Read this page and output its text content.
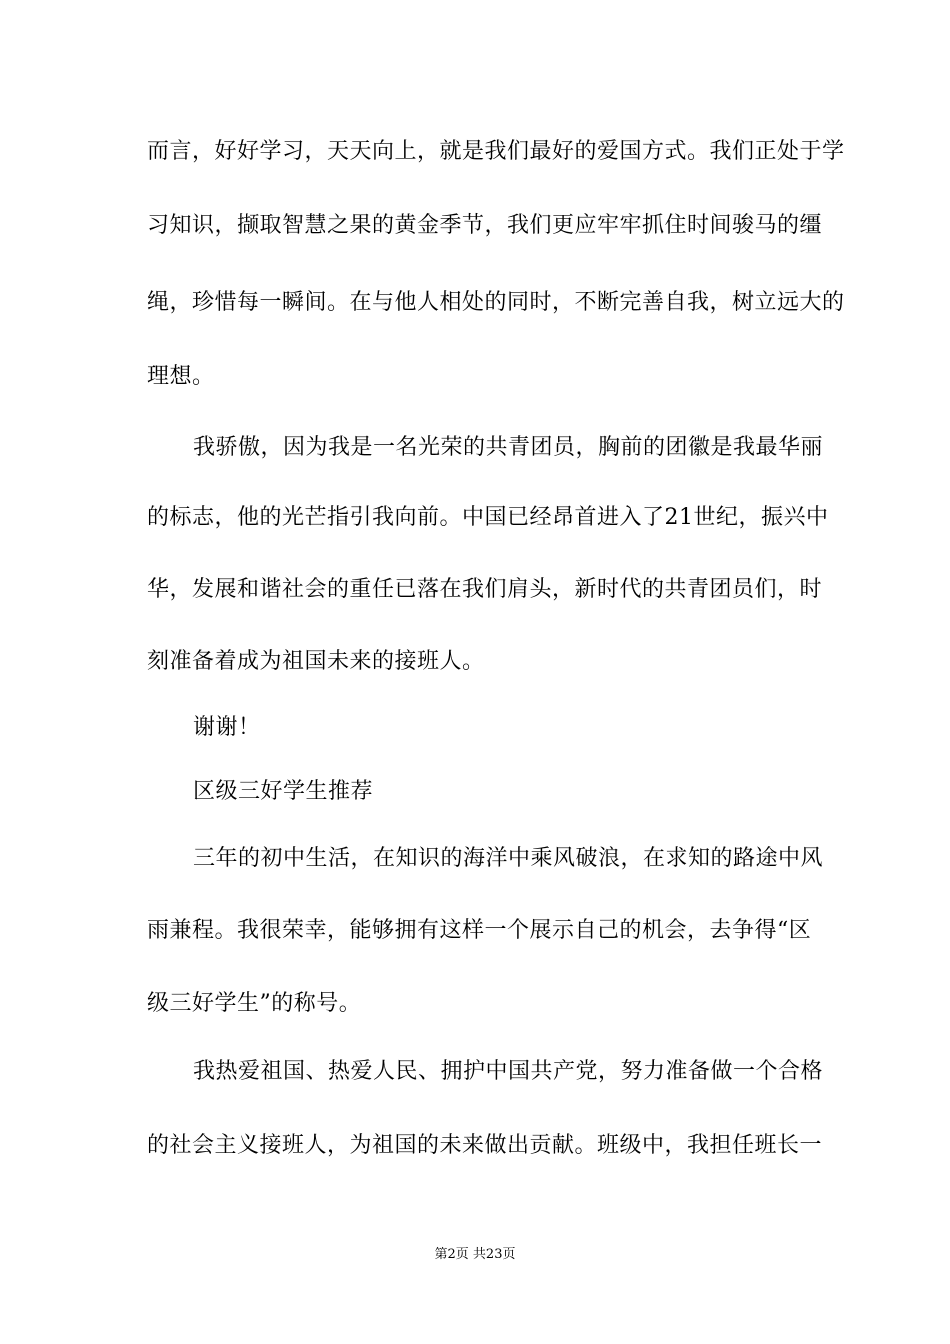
而言，好好学习，天天向上，就是我们最好的爱国方式。我们正处于学
习知识，撷取智慧之果的黄金季节，我们更应牢牢抓住时间骏马的缰
绳，珍惜每一瞬间。在与他人相处的同时，不断完善自我，树立远大的
理想。
我骄傲，因为我是一名光荣的共青团员，胸前的团徽是我最华丽
的标志，他的光芒指引我向前。中国已经昂首进入了21世纪，振兴中
华，发展和谐社会的重任已落在我们肩头，新时代的共青团员们，时
刻准备着成为祖国未来的接班人。
谢谢！
区级三好学生推荐
三年的初中生活，在知识的海洋中乘风破浪，在求知的路途中风
雨兼程。我很荣幸，能够拥有这样一个展示自己的机会，去争得“区
级三好学生”的称号。
我热爱祖国、热爱人民、拥护中国共产党，努力准备做一个合格
的社会主义接班人，为祖国的未来做出贡献。班级中，我担任班长一
第2页 共23页
